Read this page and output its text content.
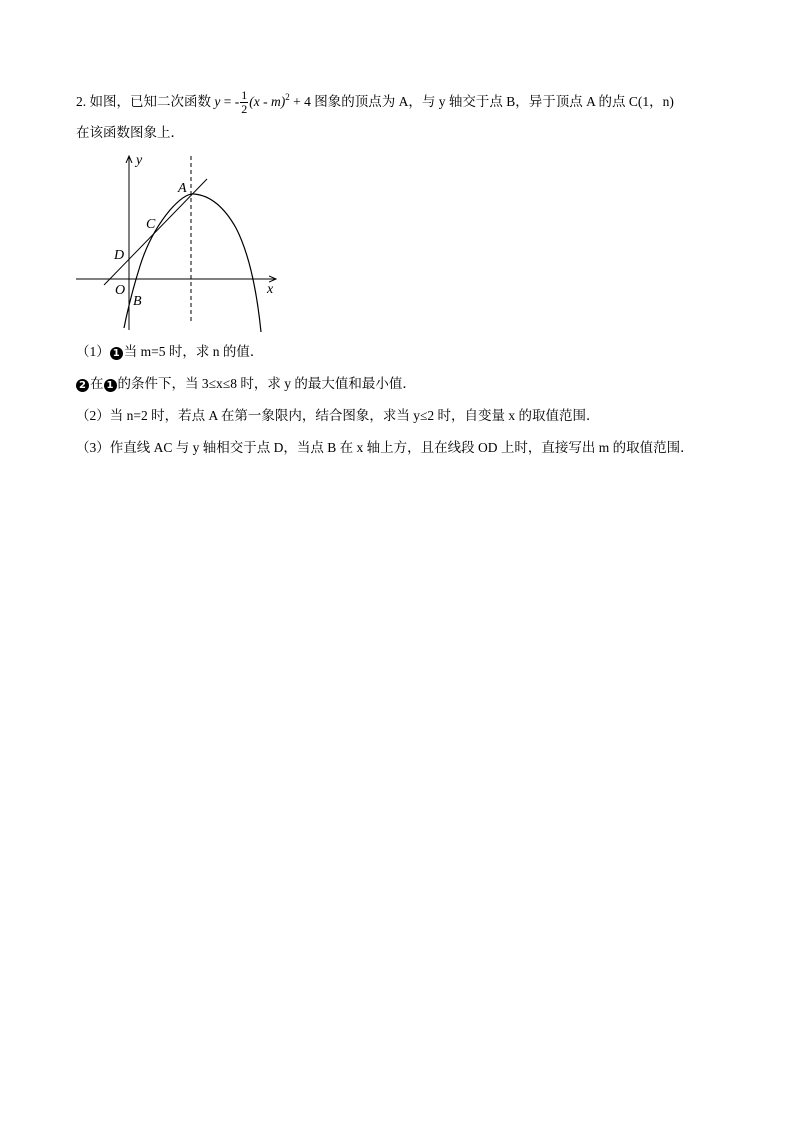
2. 如图，已知二次函数 y = - $\frac{1}{2} (x - m)^2 + 4$ 图象的顶点为 A，与 y 轴交于点 B，异于顶点 A 的点 C(1，n)
在该函数图象上．
y
x
O
A
B
C
D
（1） 1 当 m=5 时，求 n 的值．
2 在 1 的条件下，当 3≤x≤8 时，求 y 的最大值和最小值．
（2）当 n=2 时，若点 A 在第一象限内，结合图象，求当 y≤2 时，自变量 x 的取值范围．
（3）作直线 AC 与 y 轴相交于点 D，当点 B 在 x 轴上方，且在线段 OD 上时，直接写出 m 的取值范围．
